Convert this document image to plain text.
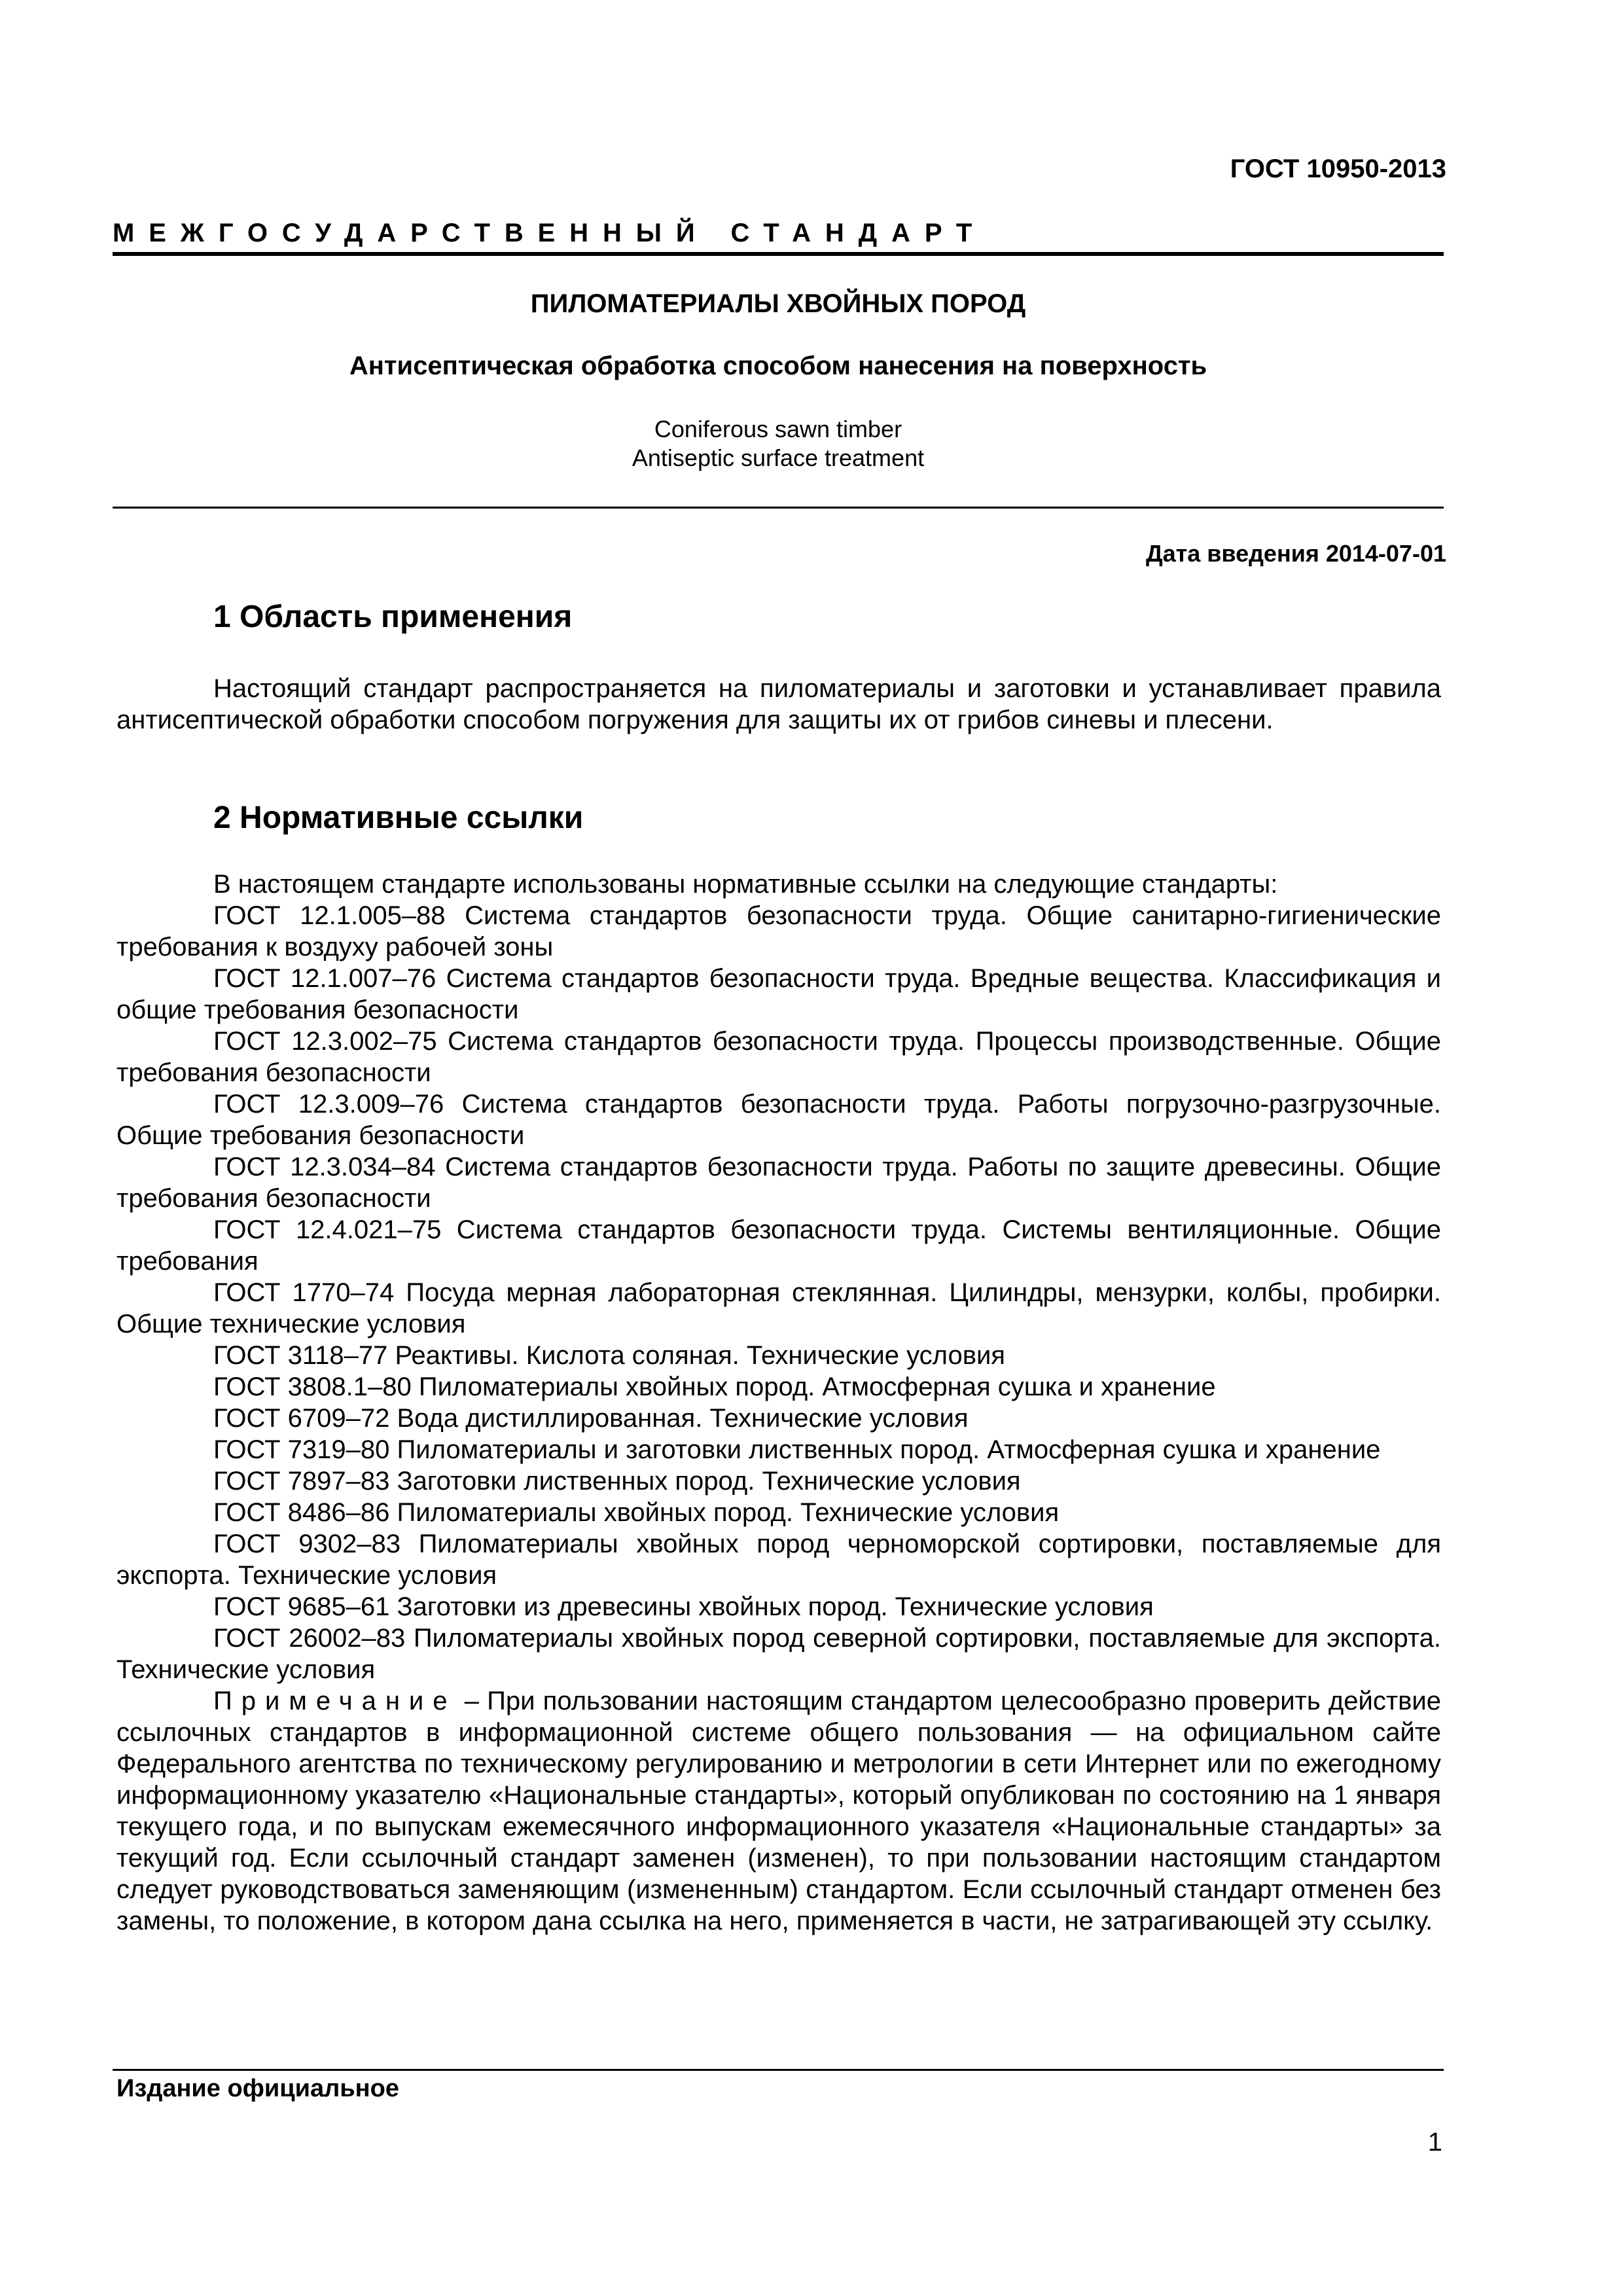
ГОСТ 10950-2013
МЕЖГОСУДАРСТВЕННЫЙ СТАНДАРТ
ПИЛОМАТЕРИАЛЫ ХВОЙНЫХ ПОРОД
Антисептическая обработка способом нанесения на поверхность
Coniferous sawn timber
Antiseptic surface treatment
Дата введения 2014-07-01
1 Область применения

Настоящий стандарт распространяется на пиломатериалы и заготовки и устанавливает правила антисептической обработки способом погружения для защиты их от грибов синевы и плесени.

2 Нормативные ссылки

В настоящем стандарте использованы нормативные ссылки на следующие стандарты:

ГОСТ 12.1.005–88 Система стандартов безопасности труда. Общие санитарно-гигиенические требования к воздуху рабочей зоны

ГОСТ 12.1.007–76 Система стандартов безопасности труда. Вредные вещества. Классификация и общие требования безопасности

ГОСТ 12.3.002–75 Система стандартов безопасности труда. Процессы производственные. Общие требования безопасности

ГОСТ 12.3.009–76 Система стандартов безопасности труда. Работы погрузочно-разгрузочные. Общие требования безопасности

ГОСТ 12.3.034–84 Система стандартов безопасности труда. Работы по защите древесины. Общие требования безопасности

ГОСТ 12.4.021–75 Система стандартов безопасности труда. Системы вентиляционные. Общие требования

ГОСТ 1770–74 Посуда мерная лабораторная стеклянная. Цилиндры, мензурки, колбы, пробирки. Общие технические условия

ГОСТ 3118–77 Реактивы. Кислота соляная. Технические условия

ГОСТ 3808.1–80 Пиломатериалы хвойных пород. Атмосферная сушка и хранение

ГОСТ 6709–72 Вода дистиллированная. Технические условия

ГОСТ 7319–80 Пиломатериалы и заготовки лиственных пород. Атмосферная сушка и хранение

ГОСТ 7897–83 Заготовки лиственных пород. Технические условия

ГОСТ 8486–86 Пиломатериалы хвойных пород. Технические условия

ГОСТ 9302–83 Пиломатериалы хвойных пород черноморской сортировки, поставляемые для экспорта. Технические условия

ГОСТ 9685–61 Заготовки из древесины хвойных пород. Технические условия

ГОСТ 26002–83 Пиломатериалы хвойных пород северной сортировки, поставляемые для экспорта. Технические условия

Примечание – При пользовании настоящим стандартом целесообразно проверить действие ссылочных стандартов в информационной системе общего пользования — на официальном сайте Федерального агентства по техническому регулированию и метрологии в сети Интернет или по ежегодному информационному указателю «Национальные стандарты», который опубликован по состоянию на 1 января текущего года, и по выпускам ежемесячного информационного указателя «Национальные стандарты» за текущий год. Если ссылочный стандарт заменен (изменен), то при пользовании настоящим стандартом следует руководствоваться заменяющим (измененным) стандартом. Если ссылочный стандарт отменен без замены, то положение, в котором дана ссылка на него, применяется в части, не затрагивающей эту ссылку.

Издание официальное
1
